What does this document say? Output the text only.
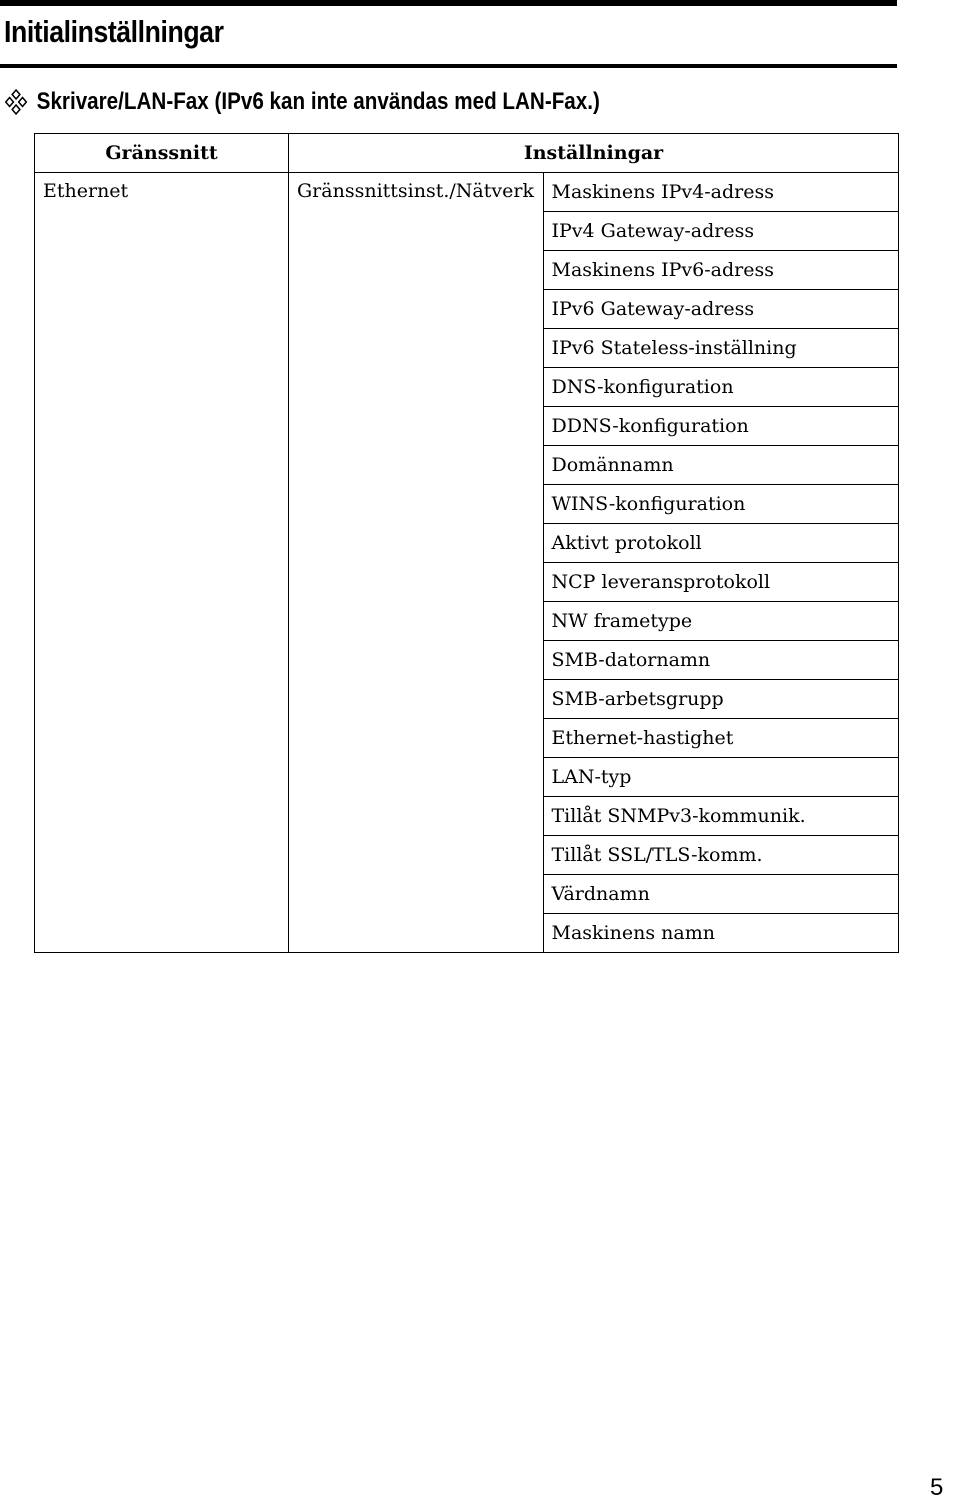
Initialinställningar
Skrivare/LAN-Fax (IPv6 kan inte användas med LAN-Fax.)
Gränssnitt	Inställningar	
Ethernet	Gränssnittsinst./Nätverk	Maskinens IPv4-adress

		IPv4 Gateway-adress

		Maskinens IPv6-adress

		IPv6 Gateway-adress

		IPv6 Stateless-inställning

		DNS-konfiguration

		DDNS-konfiguration

		Domännamn

		WINS-konfiguration

		Aktivt protokoll

		NCP leveransprotokoll

		NW frametype

		SMB-datornamn

		SMB-arbetsgrupp

		Ethernet-hastighet

		LAN-typ

		Tillåt SNMPv3-kommunik.

		Tillåt SSL/TLS-komm.

		Värdnamn

		Maskinens namn
5
